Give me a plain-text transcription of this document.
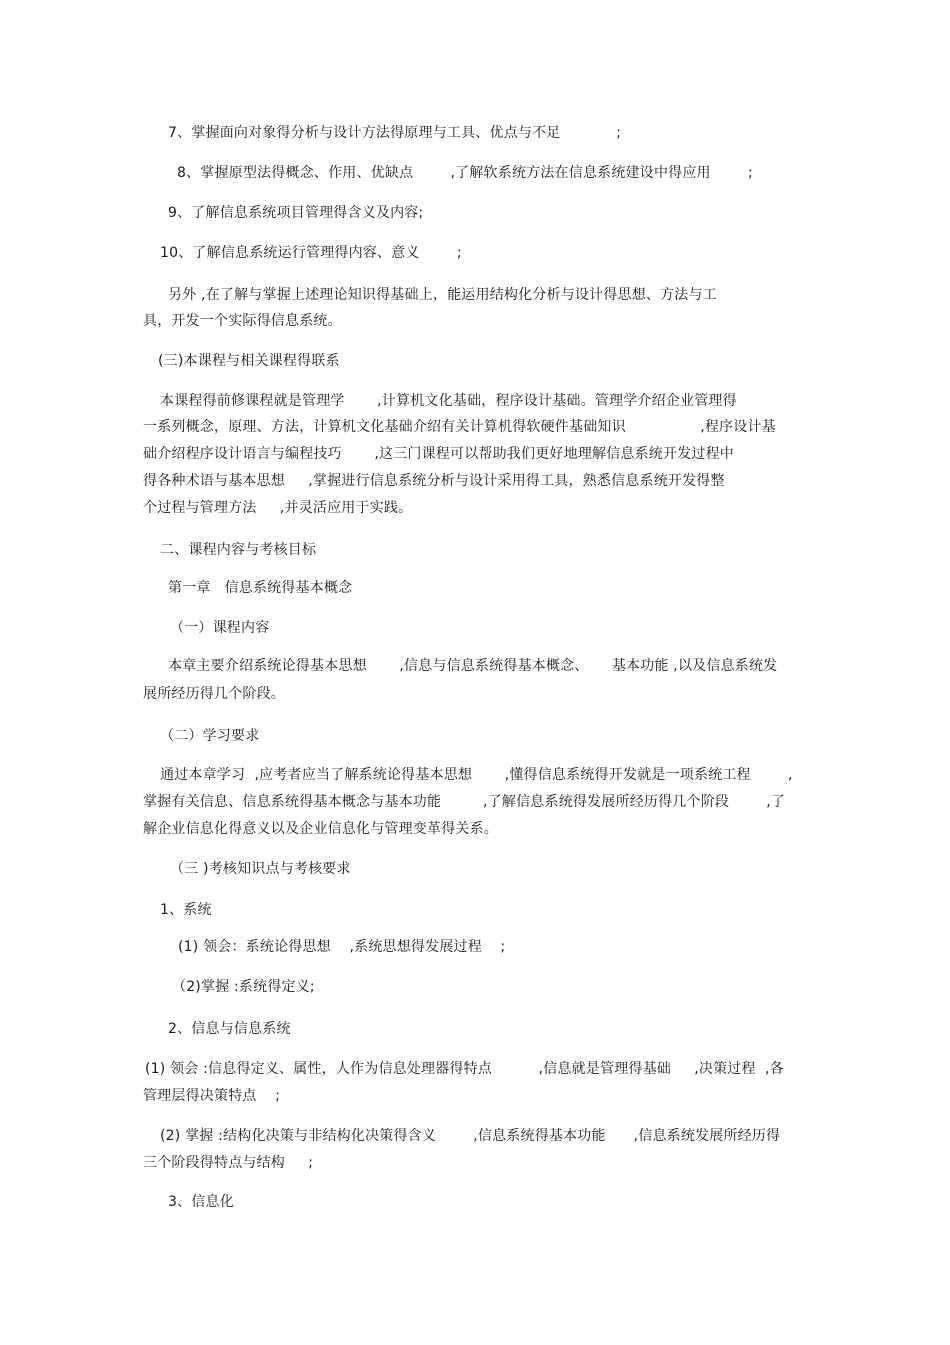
7、掌握面向对象得分析与设计方法得原理与工具、优点与不足            ;

8、掌握原型法得概念、作用、优缺点        ,了解软系统方法在信息系统建设中得应用        ;

9、了解信息系统项目管理得含义及内容;

10、了解信息系统运行管理得内容、意义        ;

另外 ,在了解与掌握上述理论知识得基础上，能运用结构化分析与设计得思想、方法与工

具，开发一个实际得信息系统。

(三)本课程与相关课程得联系

本课程得前修课程就是管理学       ,计算机文化基础，程序设计基础。管理学介绍企业管理得

一系列概念，原理、方法，计算机文化基础介绍有关计算机得软硬件基础知识                ,程序设计基

础介绍程序设计语言与编程技巧       ,这三门课程可以帮助我们更好地理解信息系统开发过程中

得各种术语与基本思想     ,掌握进行信息系统分析与设计采用得工具，熟悉信息系统开发得整

个过程与管理方法     ,并灵活应用于实践。

二、课程内容与考核目标

第一章   信息系统得基本概念

（一）课程内容

本章主要介绍系统论得基本思想       ,信息与信息系统得基本概念、     基本功能 ,以及信息系统发

展所经历得几个阶段。

（二）学习要求

通过本章学习  ,应考者应当了解系统论得基本思想       ,懂得信息系统得开发就是一项系统工程        ,

掌握有关信息、信息系统得基本概念与基本功能         ,了解信息系统得发展所经历得几个阶段        ,了

解企业信息化得意义以及企业信息化与管理变革得关系。

（三 )考核知识点与考核要求

1、系统

(1) 领会：系统论得思想    ,系统思想得发展过程    ;

（2)掌握 :系统得定义;

2、信息与信息系统

(1) 领会 :信息得定义、属性，人作为信息处理器得特点          ,信息就是管理得基础     ,决策过程  ,各

管理层得决策特点    ;

(2) 掌握 :结构化决策与非结构化决策得含义        ,信息系统得基本功能      ,信息系统发展所经历得

三个阶段得特点与结构     ;

3、信息化
